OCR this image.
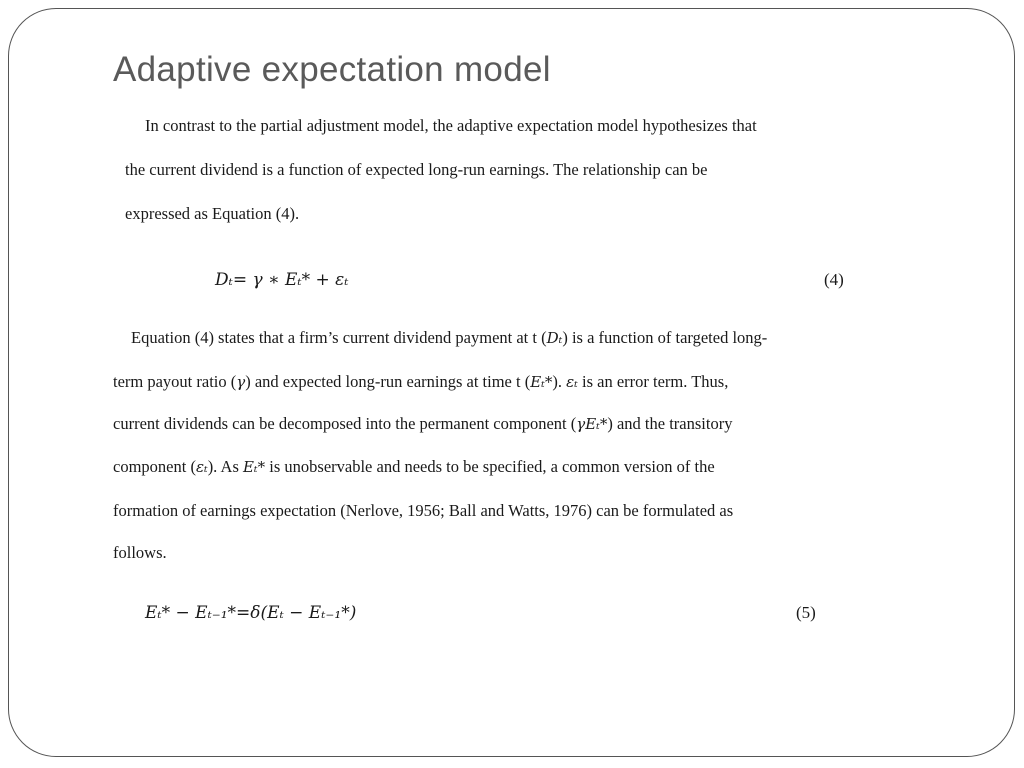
Adaptive expectation model

In contrast to the partial adjustment model, the adaptive expectation model hypothesizes that

the current dividend is a function of expected long-run earnings. The relationship can be

expressed as Equation (4).

Dₜ= γ ∗ Eₜ* + εₜ	(4)

Equation (4) states that a firm’s current dividend payment at t (Dₜ) is a function of targeted long-

term payout ratio (γ) and expected long-run earnings at time t (Eₜ*). εₜ is an error term. Thus,

current dividends can be decomposed into the permanent component (γEₜ*) and the transitory

component (εₜ). As Eₜ* is unobservable and needs to be specified, a common version of the

formation of earnings expectation (Nerlove, 1956; Ball and Watts, 1976) can be formulated as

follows.

Eₜ* − Eₜ₋₁*=δ(Eₜ − Eₜ₋₁*)	(5)
